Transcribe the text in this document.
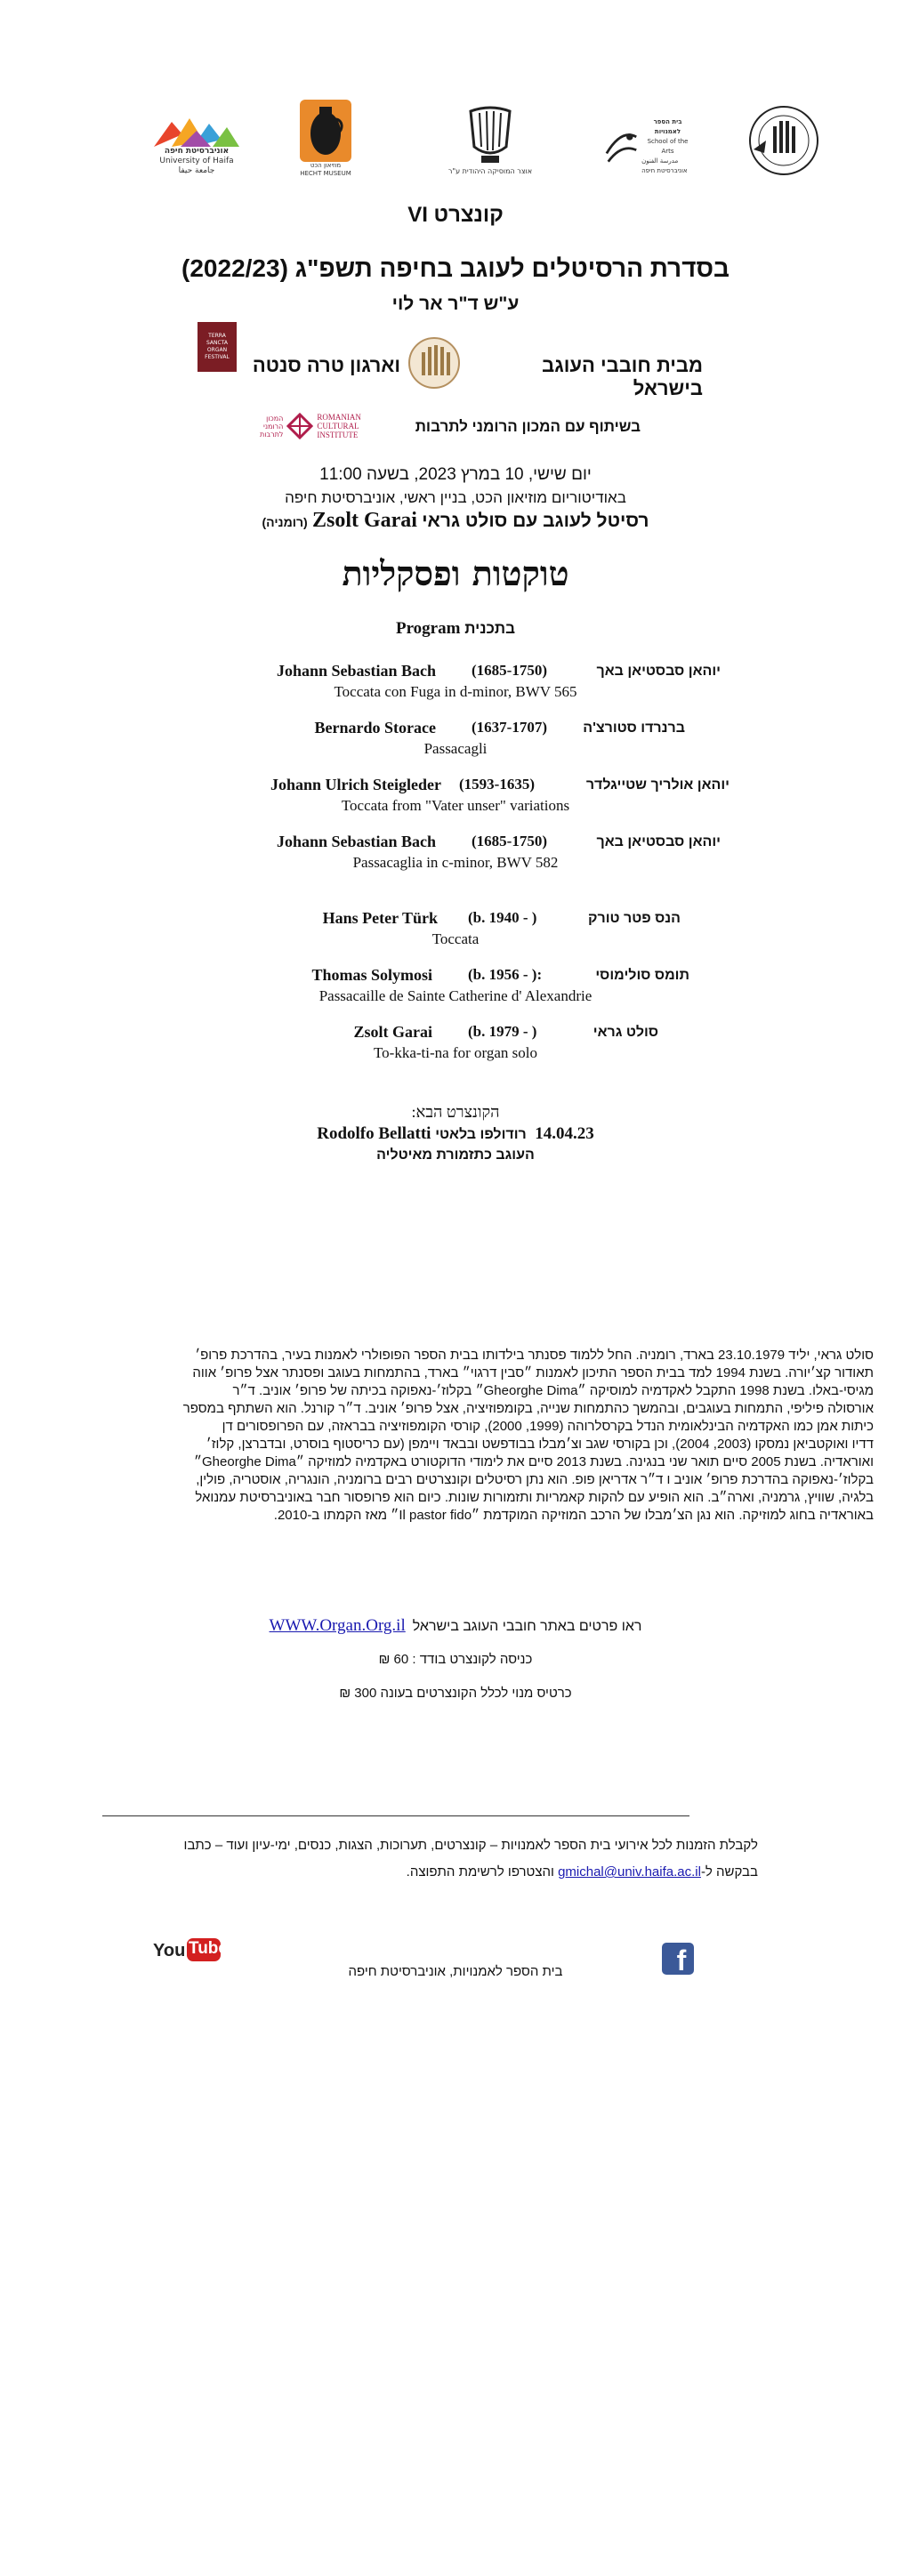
אוניברסיטת חיפה
University of Haifa
جامعة حيفا
מוזיאון הכט
HECHT MUSEUM	אוצר המוסיקה היהודית ע"ר
בית הספר לאמנויות
School of the Arts
مدرسة الفنون
אוניברסיטת חיפה
קונצרט VI
בסדרת הרסיטלים לעוגב בחיפה תשפ"ג (2022/23)
ע"ש ד"ר אר לוי
מבית חובבי העוגב בישראל
וארגון טרה סנטה
TERRA SANCTA ORGAN FESTIVAL
בשיתוף עם המכון הרומני לתרבות
המכון
הרומני
לתרבות
ROMANIAN
CULTURAL
INSTITUTE
יום שישי, 10 במרץ 2023, בשעה 11:00
באודיטוריום מוזיאון הכט, בניין ראשי, אוניברסיטת חיפה
רסיטל לעוגב עם סולט גראי Zsolt Garai (רומניה)
טוקטות ופסקליות
בתכנית Program
יוהאן סבסטיאן באך
(1685-1750)
Johann Sebastian Bach
Toccata con Fuga in d-minor, BWV 565
ברנרדו סטורצ'ה
(1637-1707)
Bernardo Storace
Passacagli
יוהאן אולריך שטייגלדר
(1593-1635)
Johann Ulrich Steigleder
Toccata from "Vater unser" variations
יוהאן סבסטיאן באך
(1685-1750)
Johann Sebastian Bach
Passacaglia in c-minor, BWV 582
הנס פטר טורק
(b. 1940 - )
Hans Peter Türk
Toccata
תומס סולימוסי
(b. 1956 - ):
Thomas Solymosi
Passacaille de Sainte Catherine d' Alexandrie
סולט גראי
(b. 1979 - )
Zsolt Garai
To-kka-ti-na for organ solo
הקונצרט הבא:
14.04.23  רודולפו בלאטי Rodolfo Bellatti
העוגב כתזמורת מאיטליה
סולט גראי, יליד 23.10.1979 בארד, רומניה. החל ללמוד פסנתר בילדותו בבית הספר הפופולרי לאמנות בעיר, בהדרכת פרופ׳
תאודור קצ׳יורה. בשנת 1994 למד בבית הספר התיכון לאמנות ״סבין דרגוי״ בארד, בהתמחות בעוגב ופסנתר אצל פרופ׳ אווה
מגיסי-באלו. בשנת 1998 התקבל לאקדמיה למוסיקה ״Gheorghe Dima״ בקלוז׳-נאפוקה בכיתה של פרופ׳ אוניב. ד״ר
אורסולה פיליפי, התמחות בעוגבים, ובהמשך כהתמחות שנייה, בקומפוזיציה, אצל פרופ׳ אוניב. ד״ר קורנל. הוא השתתף במספר
כיתות אמן כמו האקדמיה הבינלאומית הנדל בקרסלרוהה (1999, 2000), קורסי הקומפוזיציה בבראזה, עם הפרופסורים דן
דדיו ואוקטביאן נמסקו (2003, 2004), וכן בקורסי שגב וצ׳מבלו בבודפשט ובבאד ויימפן (עם כריסטוף בוסרט, ובדברצן, קלוז׳
ואוראדיה. בשנת 2005 סיים תואר שני בנגינה. בשנת 2013 סיים את לימודי הדוקטורט באקדמיה למוזיקה ״Gheorghe Dima״
בקלוז׳-נאפוקה בהדרכת פרופ׳ אוניב ו ד״ר אדריאן פופ. הוא נתן רסיטלים וקונצרטים רבים ברומניה, הונגריה, אוסטריה, פולין,
בלגיה, שוויץ, גרמניה, וארה״ב. הוא הופיע עם להקות קאמריות ותזמורות שונות. כיום הוא פרופסור חבר באוניברסיטת עמנואל
באוראדיה בחוג למוזיקה. הוא נגן הצ׳מבלו של הרכב המוזיקה המוקדמת ״Il pastor fido״ מאז הקמתו ב-2010.
ראו פרטים באתר חובבי העוגב בישראל  WWW.Organ.Org.il
כניסה לקונצרט בודד : 60 ₪
כרטיס מנוי לכלל הקונצרטים בעונה 300 ₪
לקבלת הזמנות לכל אירועי בית הספר לאמנויות – קונצרטים, תערוכות, הצגות, כנסים, ימי-עיון ועוד – כתבו
בבקשה ל-gmichal@univ.haifa.ac.il והצטרפו לרשימת התפוצה.
You Tube
בית הספר לאמנויות, אוניברסיטת חיפה	f
